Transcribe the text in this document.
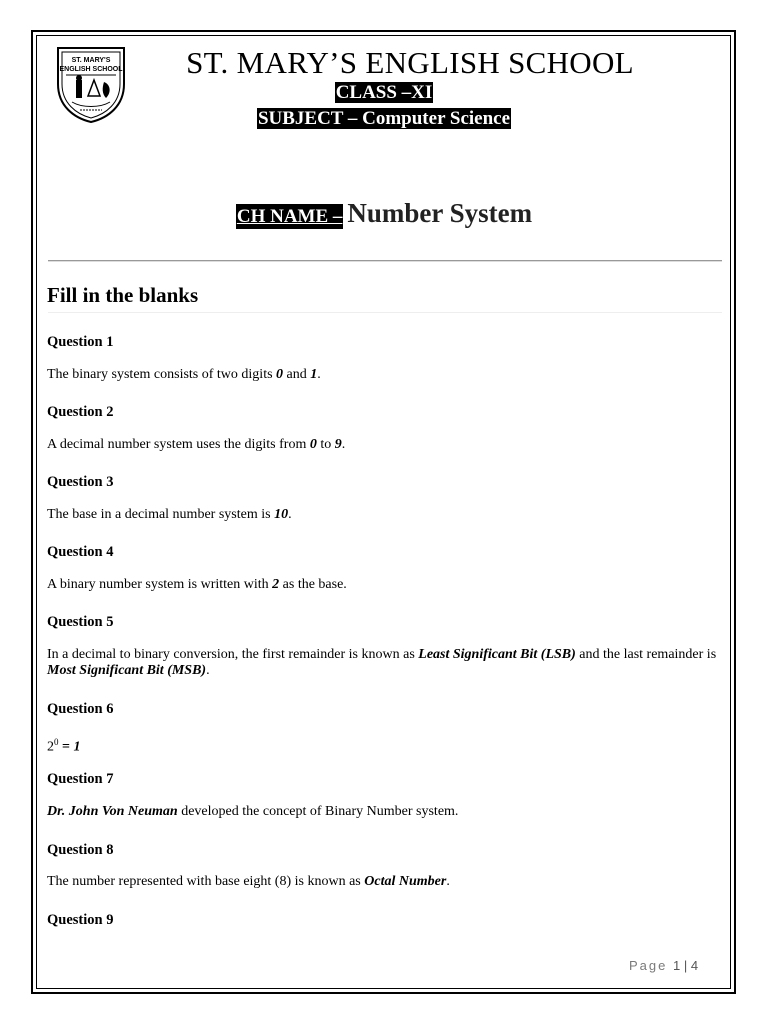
ST. MARY'S
ENGLISH SCHOOL	ST. MARY’S ENGLISH SCHOOL
CLASS –XI
SUBJECT – Computer Science
CH NAME – Number System
Fill in the blanks
Question 1
The binary system consists of two digits 0 and 1.
Question 2
A decimal number system uses the digits from 0 to 9.
Question 3
The base in a decimal number system is 10.
Question 4
A binary number system is written with 2 as the base.
Question 5
In a decimal to binary conversion, the first remainder is known as Least Significant Bit (LSB) and the last remainder is Most Significant Bit (MSB).
Question 6
$2^0 = 1$
Question 7
Dr. John Von Neuman developed the concept of Binary Number system.
Question 8
The number represented with base eight (8) is known as Octal Number.
Question 9
Page 1 | 4
